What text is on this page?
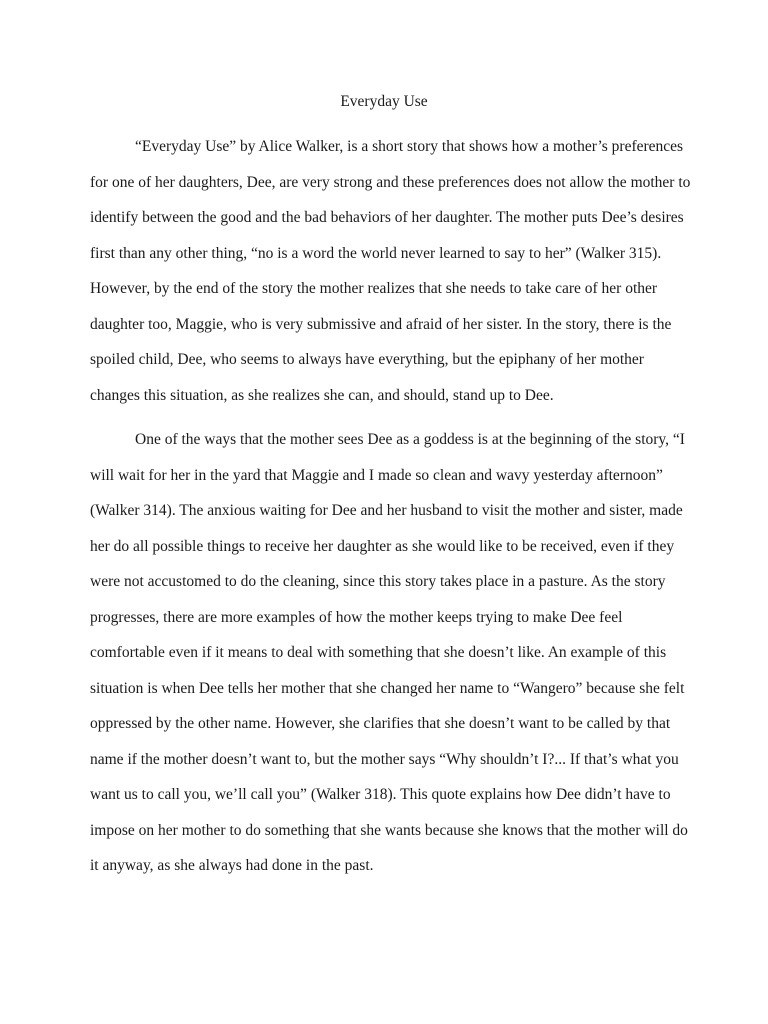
Everyday Use
“Everyday Use” by Alice Walker, is a short story that shows how a mother’s preferences
for one of her daughters, Dee, are very strong and these preferences does not allow the mother to
identify between the good and the bad behaviors of her daughter. The mother puts Dee’s desires
first than any other thing, “no is a word the world never learned to say to her” (Walker 315).
However, by the end of the story the mother realizes that she needs to take care of her other
daughter too, Maggie, who is very submissive and afraid of her sister. In the story, there is the
spoiled child, Dee, who seems to always have everything, but the epiphany of her mother
changes this situation, as she realizes she can, and should, stand up to Dee.
One of the ways that the mother sees Dee as a goddess is at the beginning of the story, “I
will wait for her in the yard that Maggie and I made so clean and wavy yesterday afternoon”
(Walker 314). The anxious waiting for Dee and her husband to visit the mother and sister, made
her do all possible things to receive her daughter as she would like to be received, even if they
were not accustomed to do the cleaning, since this story takes place in a pasture. As the story
progresses, there are more examples of how the mother keeps trying to make Dee feel
comfortable even if it means to deal with something that she doesn’t like. An example of this
situation is when Dee tells her mother that she changed her name to “Wangero” because she felt
oppressed by the other name. However, she clarifies that she doesn’t want to be called by that
name if the mother doesn’t want to, but the mother says “Why shouldn’t I?... If that’s what you
want us to call you, we’ll call you” (Walker 318). This quote explains how Dee didn’t have to
impose on her mother to do something that she wants because she knows that the mother will do
it anyway, as she always had done in the past.
